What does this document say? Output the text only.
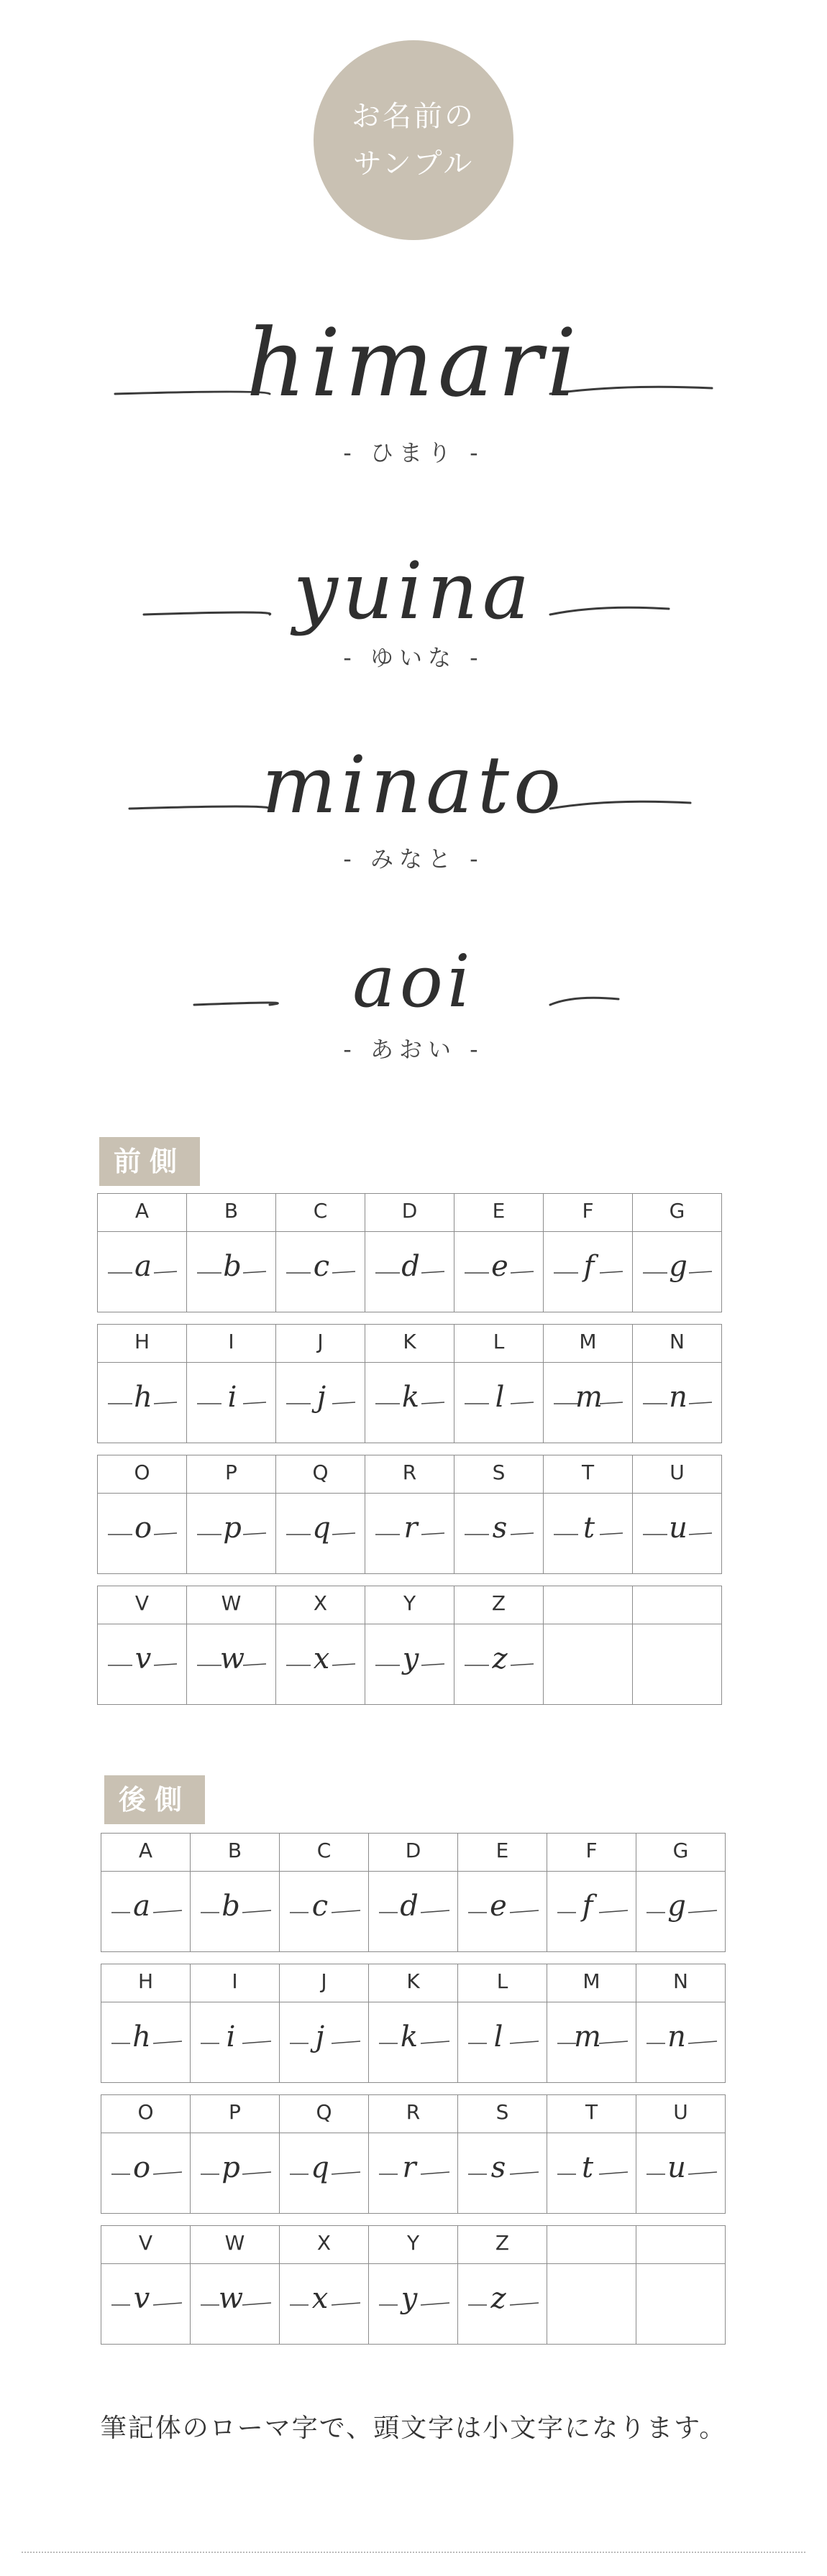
お名前の
サンプル
himari
- ひまり -
yuina
- ゆいな -
minato
- みなと -
aoi
- あおい -
前側
A
a
B
b
C
c
D
d
E
e
F
f
G
g
H
h
I
i
J
j
K
k
L
l
M
m
N
n
O
o
P
p
Q
q
R
r
S
s
T
t
U
u
V
v
W
w
X
x
Y
y
Z
z
後側
A
a
B
b
C
c
D
d
E
e
F
f
G
g
H
h
I
i
J
j
K
k
L
l
M
m
N
n
O
o
P
p
Q
q
R
r
S
s
T
t
U
u
V
v
W
w
X
x
Y
y
Z
z
筆記体のローマ字で、頭文字は小文字になります。
